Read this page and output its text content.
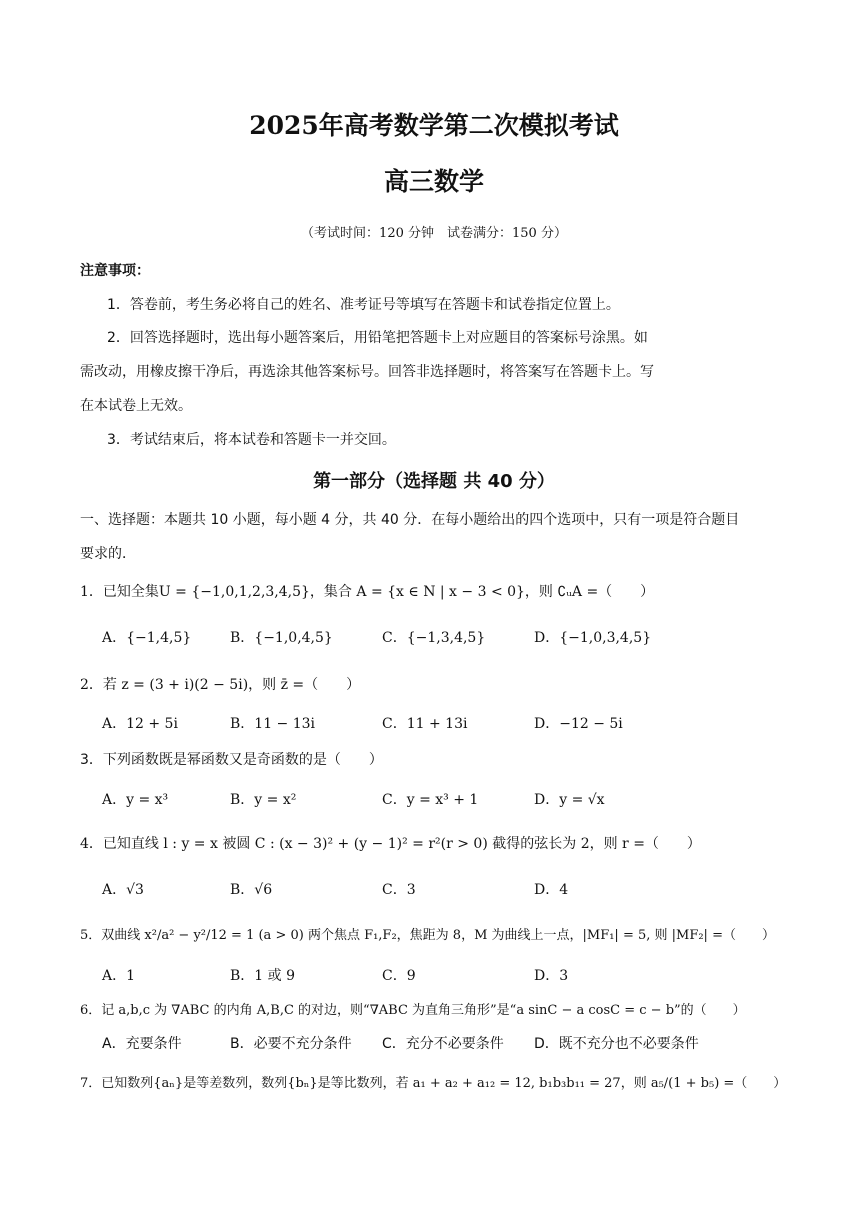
2025年高考数学第二次模拟考试
高三数学
（考试时间：120 分钟　试卷满分：150 分）
注意事项：
1．答卷前，考生务必将自己的姓名、准考证号等填写在答题卡和试卷指定位置上。
2．回答选择题时，选出每小题答案后，用铅笔把答题卡上对应题目的答案标号涂黑。如
需改动，用橡皮擦干净后，再选涂其他答案标号。回答非选择题时，将答案写在答题卡上。写
在本试卷上无效。
3．考试结束后，将本试卷和答题卡一并交回。
第一部分（选择题 共 40 分）
一、选择题：本题共 10 小题，每小题 4 分，共 40 分．在每小题给出的四个选项中，只有一项是符合题目
要求的．
1．已知全集U = {−1,0,1,2,3,4,5}，集合 A = {x ∈ N | x − 3 < 0}，则 ∁ᵤA =（　　）
A．{−1,4,5}	B．{−1,0,4,5}	C．{−1,3,4,5}	D．{−1,0,3,4,5}
2．若 z = (3 + i)(2 − 5i)，则 z̄ =（　　）
A．12 + 5i	B．11 − 13i	C．11 + 13i	D．−12 − 5i
3．下列函数既是幂函数又是奇函数的是（　　）
A．y = x³	B．y = x²	C．y = x³ + 1	D．y = √x
4．已知直线 l : y = x 被圆 C : (x − 3)² + (y − 1)² = r²(r > 0) 截得的弦长为 2，则 r =（　　）
A．√3	B．√6	C．3	D．4
5．双曲线 x²/a² − y²/12 = 1 (a > 0) 两个焦点 F₁,F₂，焦距为 8，M 为曲线上一点，|MF₁| = 5, 则 |MF₂| =（　　）
A．1	B．1 或 9	C．9	D．3
6．记 a,b,c 为 ∇ABC 的内角 A,B,C 的对边，则“∇ABC 为直角三角形”是“a sinC − a cosC = c − b”的（　　）
A．充要条件	B．必要不充分条件 C．充分不必要条件 D．既不充分也不必要条件
7．已知数列{aₙ}是等差数列，数列{bₙ}是等比数列，若 a₁ + a₂ + a₁₂ = 12, b₁b₃b₁₁ = 27，则 a₅/(1 + b₅) =（　　）
